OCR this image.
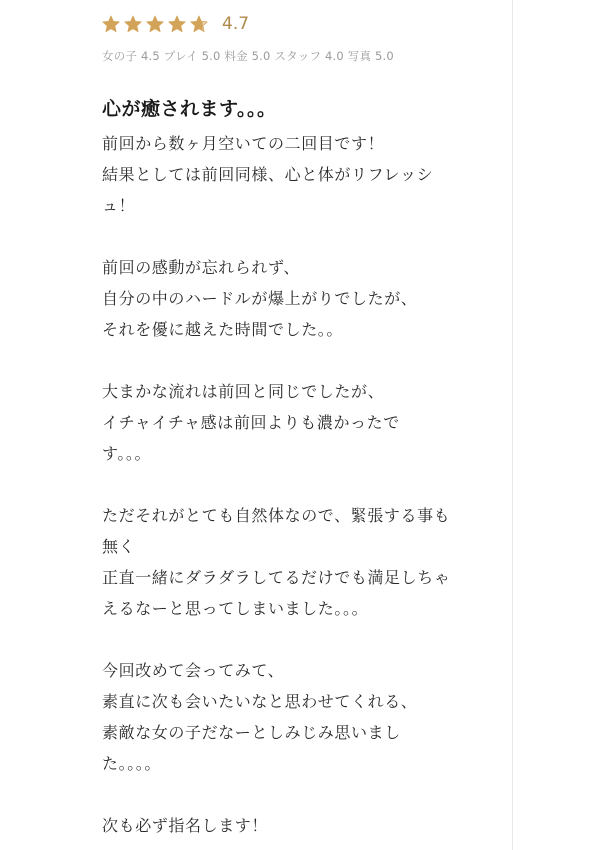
4.7
女の子 4.5 プレイ 5.0 料金 5.0 スタッフ 4.0 写真 5.0
心が癒されます。。。
前回から数ヶ月空いての二回目です！
結果としては前回同様、心と体がリフレッシ
ュ！
前回の感動が忘れられず、
自分の中のハードルが爆上がりでしたが、
それを優に越えた時間でした。。
大まかな流れは前回と同じでしたが、
イチャイチャ感は前回よりも濃かったで
す。。。
ただそれがとても自然体なので、緊張する事も
無く
正直一緒にダラダラしてるだけでも満足しちゃ
えるなーと思ってしまいました。。。
今回改めて会ってみて、
素直に次も会いたいなと思わせてくれる、
素敵な女の子だなーとしみじみ思いまし
た。。。。
次も必ず指名します！
